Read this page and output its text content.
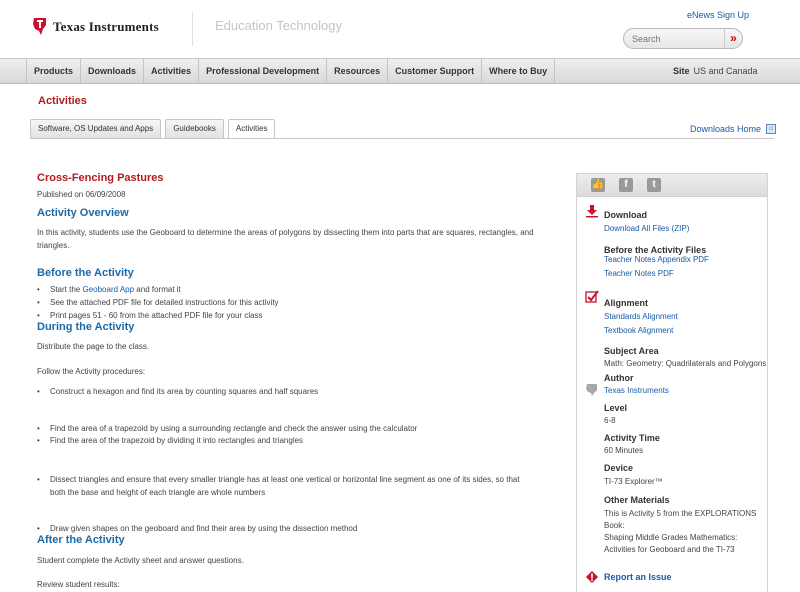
Texas Instruments	Education Technology
eNews Sign Up
Search
»
Products	Downloads	Activities	Professional Development	Resources	Customer Support	Where to Buy	Site US and Canada
Activities
Software, OS Updates and Apps	Guidebooks	Activities	Downloads Home	⌂
Cross-Fencing Pastures
Published on 06/09/2008
Activity Overview
In this activity, students use the Geoboard to determine the areas of polygons by dissecting them into parts that are squares, rectangles, and triangles.
Before the Activity
• Start the Geoboard App and format it
• See the attached PDF file for detailed instructions for this activity
• Print pages 51 - 60 from the attached PDF file for your class
During the Activity
Distribute the page to the class.
Follow the Activity procedures:
• Construct a hexagon and find its area by counting squares and half squares
• Find the area of a trapezoid by using a surrounding rectangle and check the answer using the calculator
• Find the area of the trapezoid by dividing it into rectangles and triangles
• Dissect triangles and ensure that every smaller triangle has at least one vertical or horizontal line segment as one of its sides, so that both the base and height of each triangle are whole numbers
• Draw given shapes on the geoboard and find their area by using the dissection method
After the Activity
Student complete the Activity sheet and answer questions.
Review student results:
👍	f	t
Download
Download All Files (ZIP)
Before the Activity Files
Teacher Notes Appendix PDF
Teacher Notes PDF
Alignment
Standards Alignment
Textbook Alignment
Subject Area
Math: Geometry: Quadrilaterals and Polygons
Author
Texas Instruments
Level
6-8
Activity Time
60 Minutes
Device
TI-73 Explorer™
Other Materials
This is Activity 5 from the EXPLORATIONS
Book:
Shaping Middle Grades Mathematics:
Activities for Geoboard and the TI-73
Report an Issue
